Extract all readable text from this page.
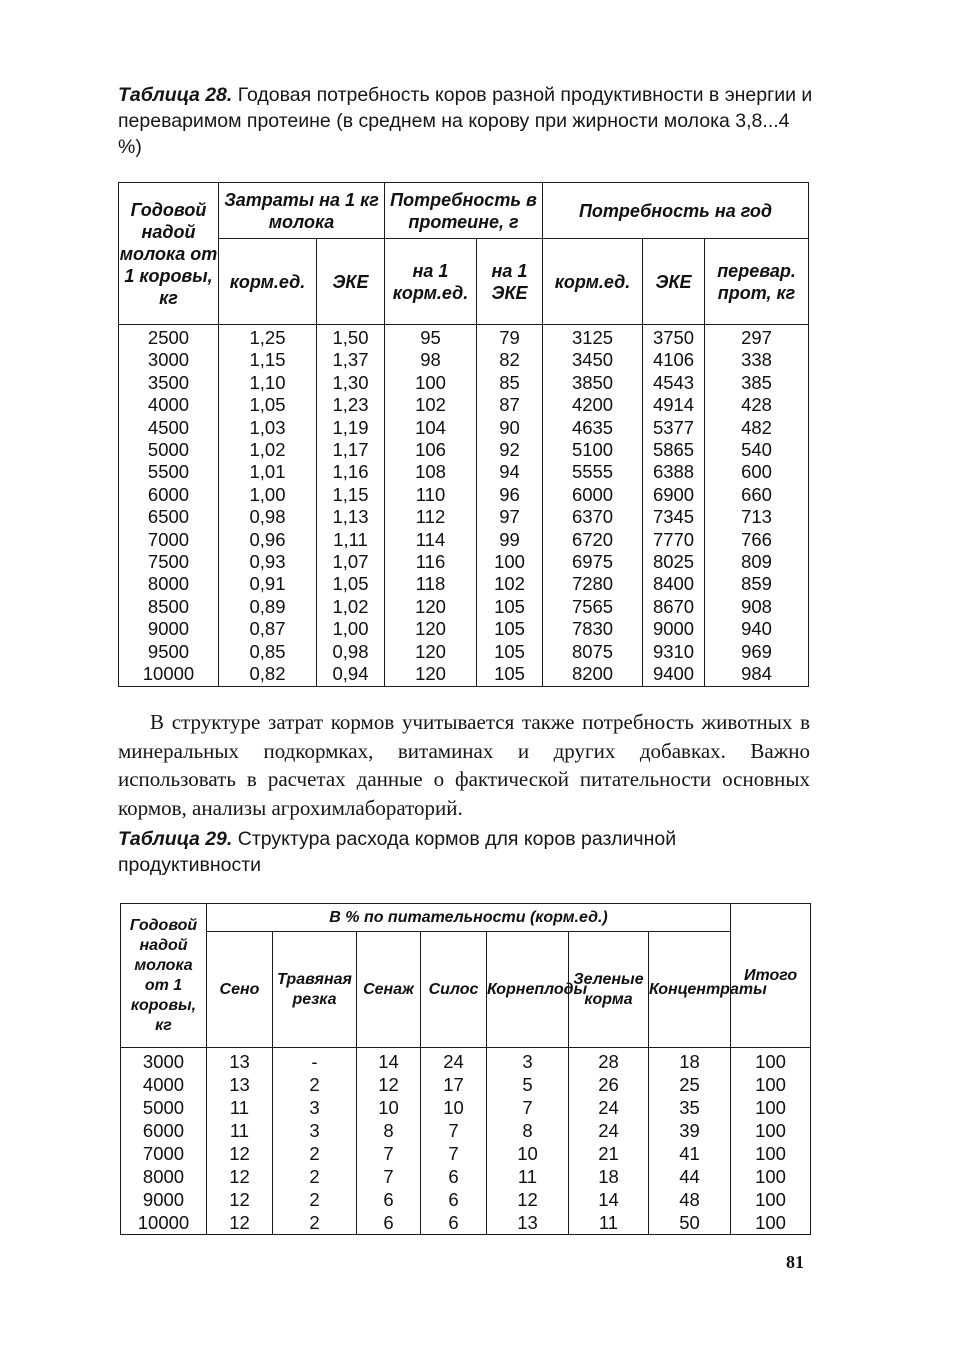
Таблица 28. Годовая потребность коров разной продуктивности в энергии и переваримом протеине (в среднем на корову при жирности молока 3,8...4 %)
Годовой надой молока от 1 коровы, кг	Затраты на 1 кг молока		Потребность в протеине, г		Потребность на год		
	корм.ед.	ЭКЕ	на 1 корм.ед.	на 1 ЭКЕ	корм.ед.	ЭКЕ	перевар. прот, кг
2500	1,25	1,50	95	79	3125	3750	297
3000	1,15	1,37	98	82	3450	4106	338
3500	1,10	1,30	100	85	3850	4543	385
4000	1,05	1,23	102	87	4200	4914	428
4500	1,03	1,19	104	90	4635	5377	482
5000	1,02	1,17	106	92	5100	5865	540
5500	1,01	1,16	108	94	5555	6388	600
6000	1,00	1,15	110	96	6000	6900	660
6500	0,98	1,13	112	97	6370	7345	713
7000	0,96	1,11	114	99	6720	7770	766
7500	0,93	1,07	116	100	6975	8025	809
8000	0,91	1,05	118	102	7280	8400	859
8500	0,89	1,02	120	105	7565	8670	908
9000	0,87	1,00	120	105	7830	9000	940
9500	0,85	0,98	120	105	8075	9310	969
10000	0,82	0,94	120	105	8200	9400	984
В структуре затрат кормов учитывается также потребность животных в минеральных подкормках, витаминах и других добавках. Важно использовать в расчетах данные о фактической питательности основных кормов, анализы агрохимлабораторий.
Таблица 29. Структура расхода кормов для коров различной продуктивности
Годовой надой молока от 1 коровы, кг	В % по питательности (корм.ед.)							Итого
	Сено	Травяная резка	Сенаж	Силос	Корнеплоды	Зеленые корма	Концентраты	
3000	13	-	14	24	3	28	18	100
4000	13	2	12	17	5	26	25	100
5000	11	3	10	10	7	24	35	100
6000	11	3	8	7	8	24	39	100
7000	12	2	7	7	10	21	41	100
8000	12	2	7	6	11	18	44	100
9000	12	2	6	6	12	14	48	100
10000	12	2	6	6	13	11	50	100
81
